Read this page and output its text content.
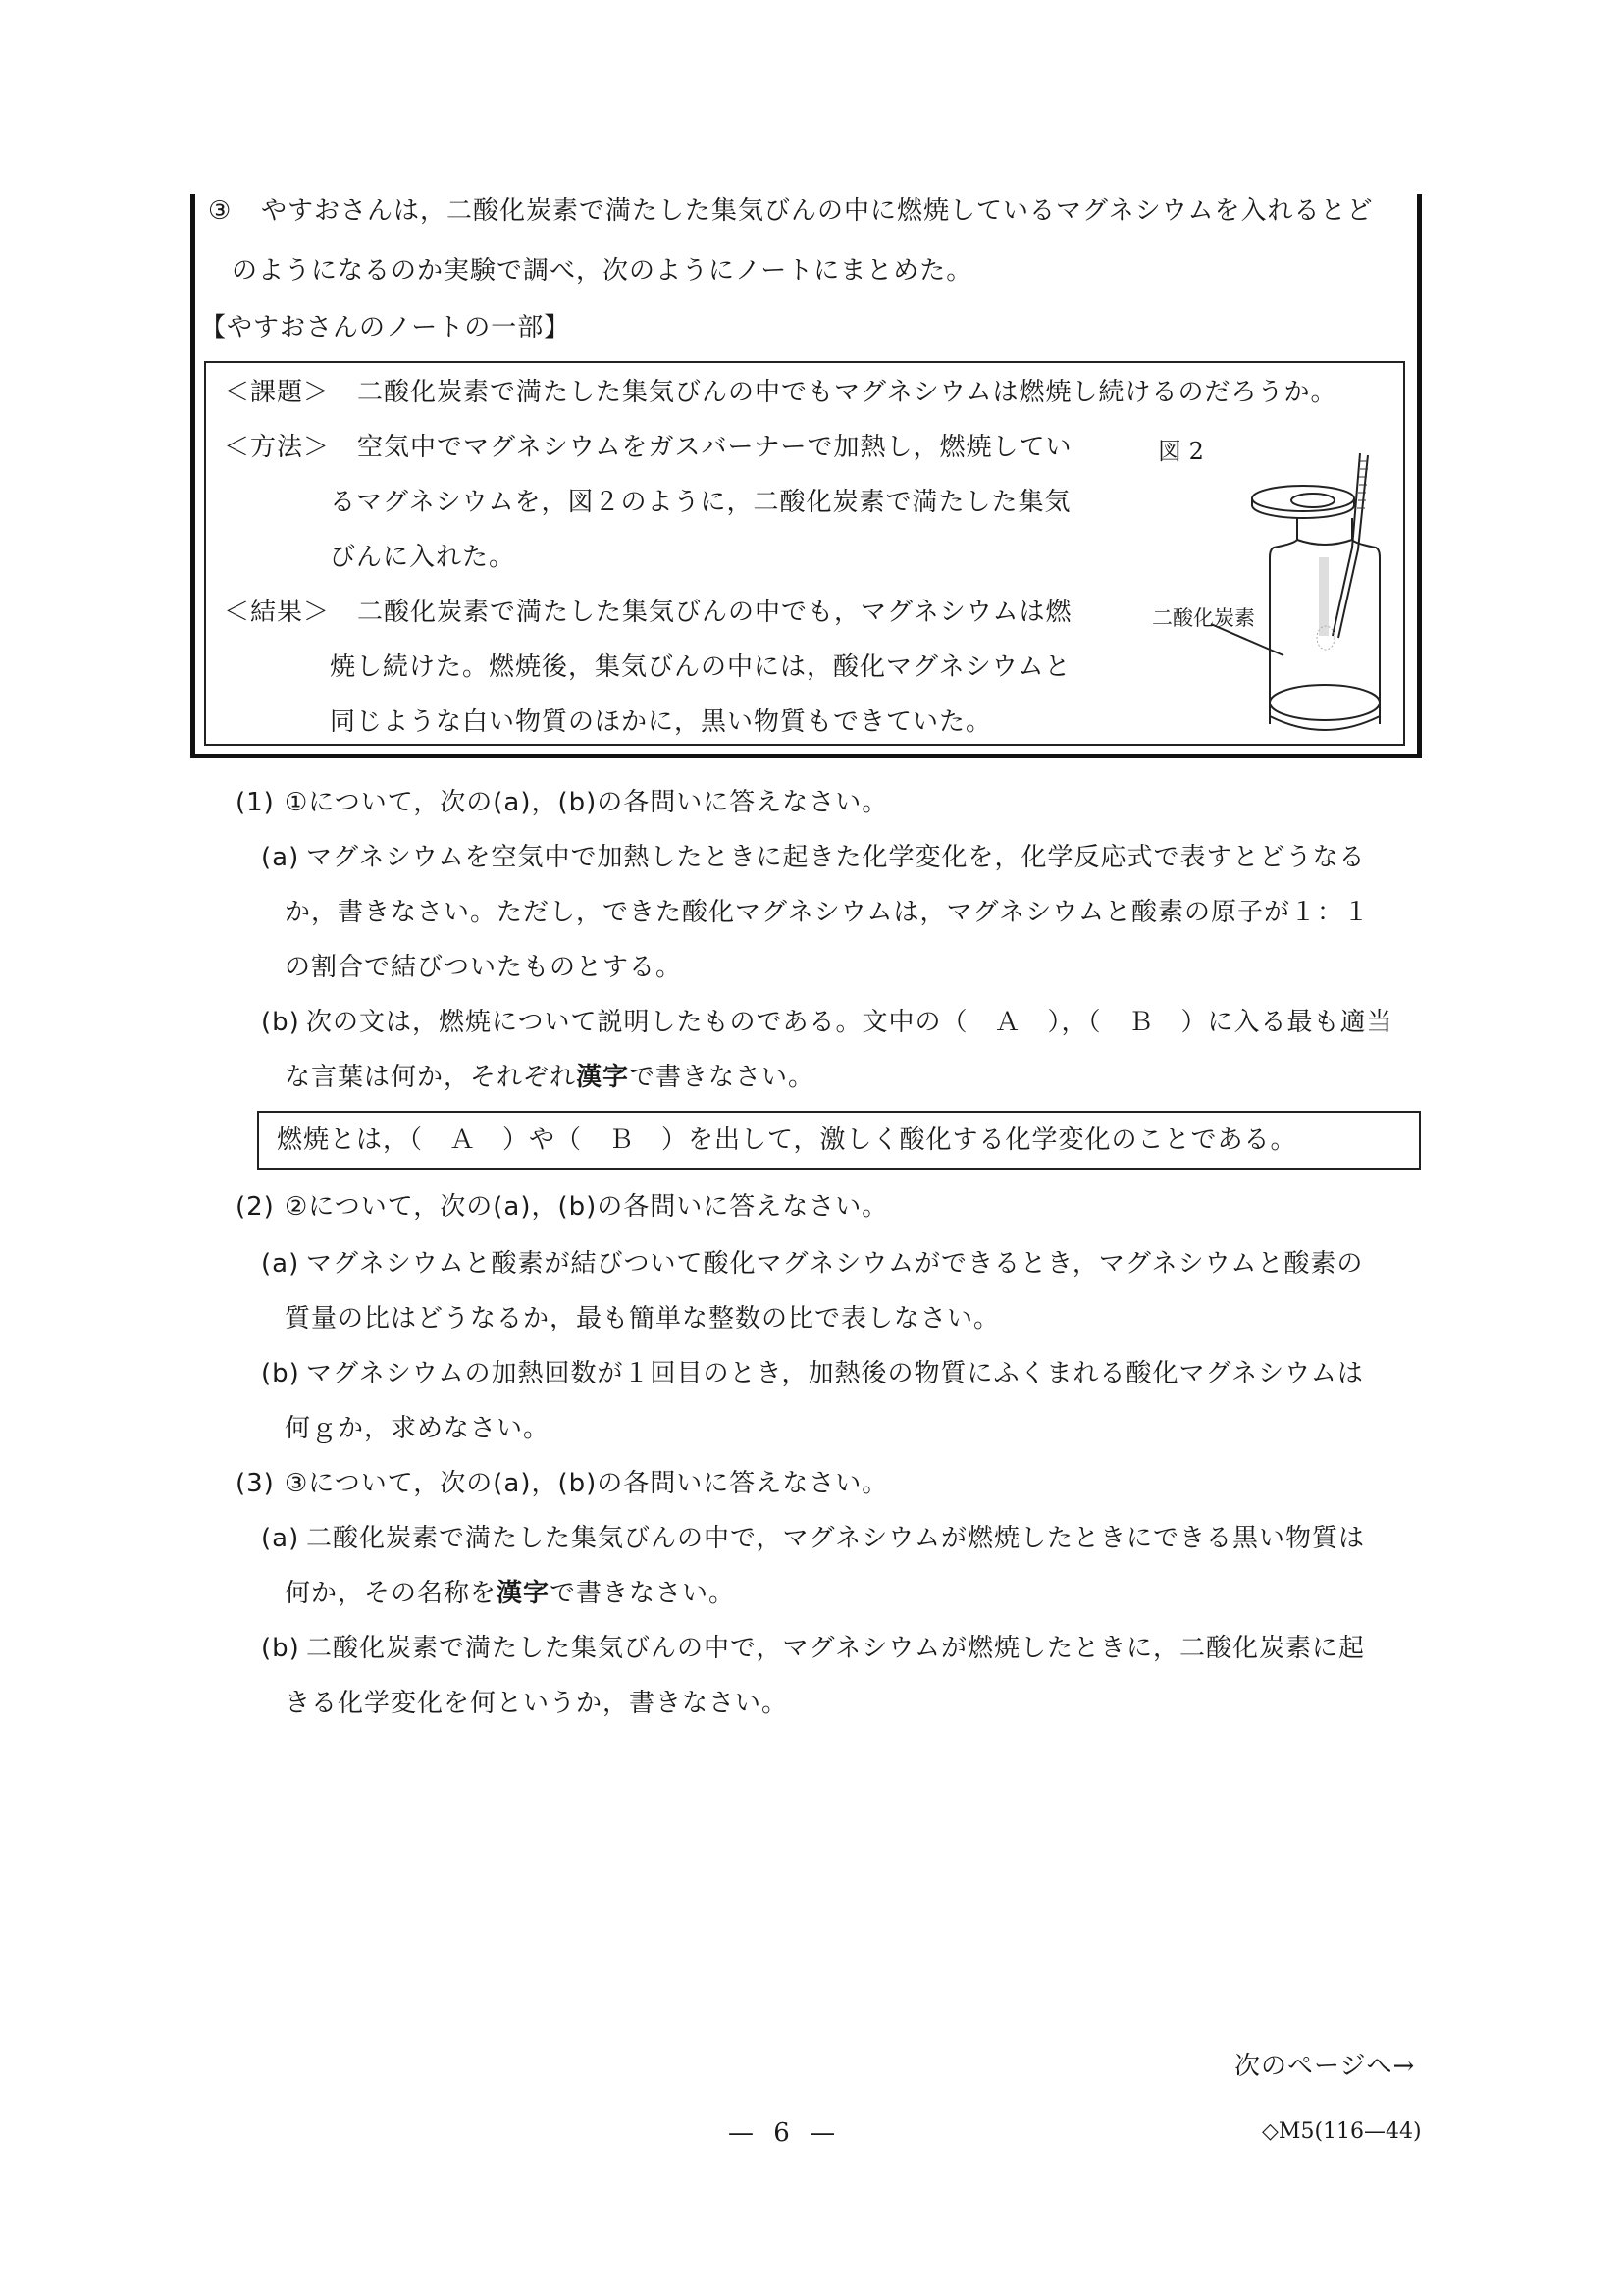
③ やすおさんは，二酸化炭素で満たした集気びんの中に燃焼しているマグネシウムを入れるとど
のようになるのか実験で調べ，次のようにノートにまとめた。
【やすおさんのノートの一部】
＜課題＞ 二酸化炭素で満たした集気びんの中でもマグネシウムは燃焼し続けるのだろうか。
＜方法＞ 空気中でマグネシウムをガスバーナーで加熱し，燃焼してい
るマグネシウムを，図２のように，二酸化炭素で満たした集気
びんに入れた。
＜結果＞ 二酸化炭素で満たした集気びんの中でも，マグネシウムは燃
焼し続けた。燃焼後，集気びんの中には，酸化マグネシウムと
同じような白い物質のほかに，黒い物質もできていた。
図 2
二酸化炭素
(1) ①について，次の(a)，(b)の各問いに答えなさい。
(a) マグネシウムを空気中で加熱したときに起きた化学変化を，化学反応式で表すとどうなる
か，書きなさい。ただし，できた酸化マグネシウムは，マグネシウムと酸素の原子が１：１
の割合で結びついたものとする。
(b) 次の文は，燃焼について説明したものである。文中の（　Ａ　），（　Ｂ　）に入る最も適当
な言葉は何か，それぞれ漢字で書きなさい。
燃焼とは，（　Ａ　）や（　Ｂ　）を出して，激しく酸化する化学変化のことである。
(2) ②について，次の(a)，(b)の各問いに答えなさい。
(a) マグネシウムと酸素が結びついて酸化マグネシウムができるとき，マグネシウムと酸素の
質量の比はどうなるか，最も簡単な整数の比で表しなさい。
(b) マグネシウムの加熱回数が１回目のとき，加熱後の物質にふくまれる酸化マグネシウムは
何ｇか，求めなさい。
(3) ③について，次の(a)，(b)の各問いに答えなさい。
(a) 二酸化炭素で満たした集気びんの中で，マグネシウムが燃焼したときにできる黒い物質は
何か，その名称を漢字で書きなさい。
(b) 二酸化炭素で満たした集気びんの中で，マグネシウムが燃焼したときに，二酸化炭素に起
きる化学変化を何というか，書きなさい。
次のページへ→
— 6 —	◇M5(116—44)
